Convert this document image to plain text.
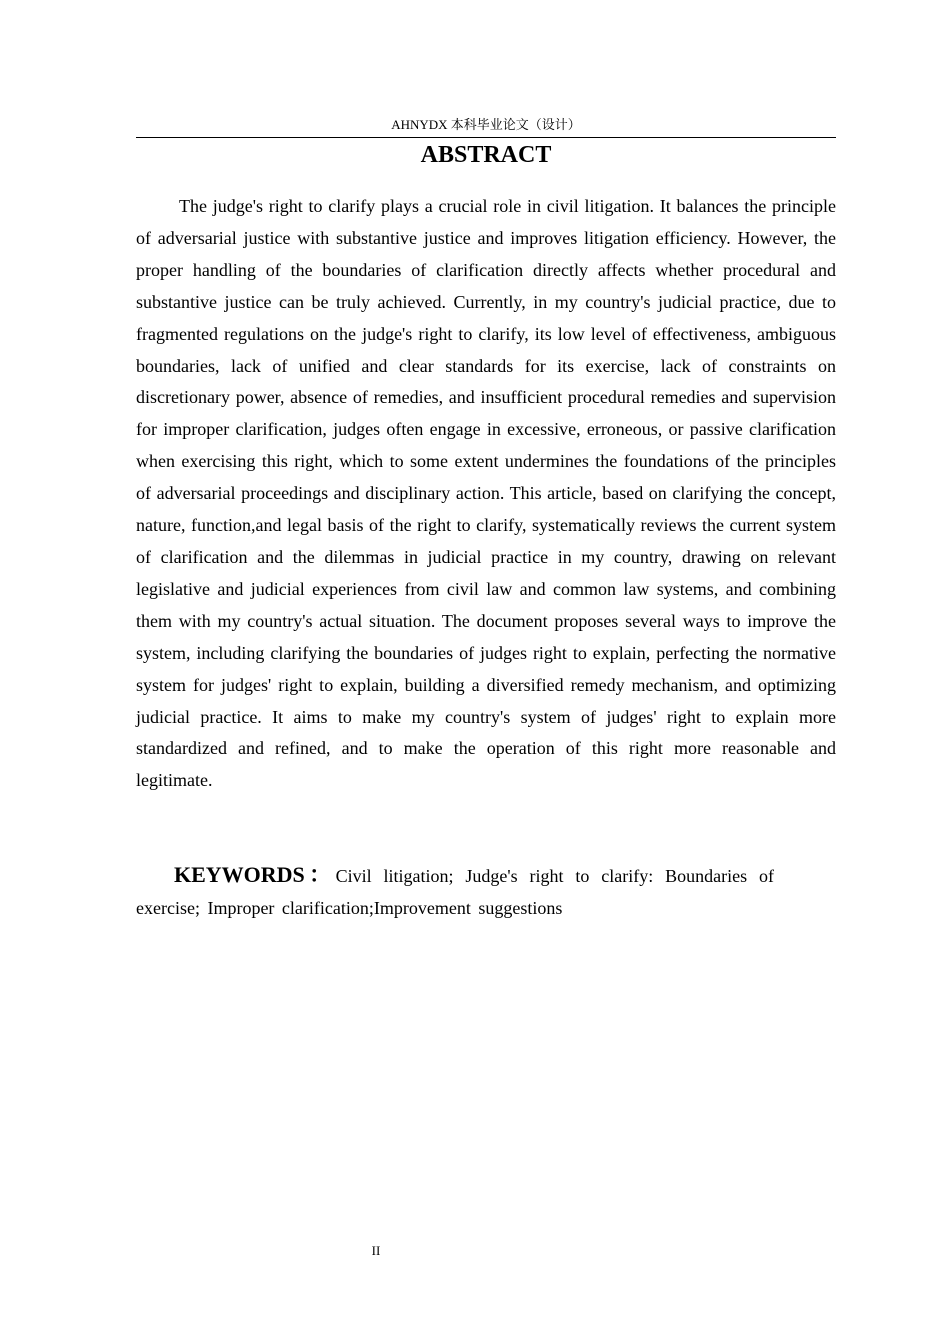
AHNYDX 本科毕业论文（设计）
ABSTRACT

The judge's right to clarify plays a crucial role in civil litigation. It balances the principle of adversarial justice with substantive justice and improves litigation efficiency. However, the proper handling of the boundaries of clarification directly affects whether procedural and substantive justice can be truly achieved. Currently, in my country's judicial practice, due to fragmented regulations on the judge's right to clarify, its low level of effectiveness, ambiguous boundaries, lack of unified and clear standards for its exercise, lack of constraints on discretionary power, absence of remedies, and insufficient procedural remedies and supervision for improper clarification, judges often engage in excessive, erroneous, or passive clarification when exercising this right, which to some extent undermines the foundations of the principles of adversarial proceedings and disciplinary action. This article, based on clarifying the concept, nature, function,and legal basis of the right to clarify, systematically reviews the current system of clarification and the dilemmas in judicial practice in my country, drawing on relevant legislative and judicial experiences from civil law and common law systems, and combining them with my country's actual situation. The document proposes several ways to improve the system, including clarifying the boundaries of judges right to explain, perfecting the normative system for judges' right to explain, building a diversified remedy mechanism, and optimizing judicial practice. It aims to make my country's system of judges' right to explain more standardized and refined, and to make the operation of this right more reasonable and legitimate.

KEYWORDS：Civil litigation; Judge's right to clarify: Boundaries of exercise; Improper clarification;Improvement suggestions

II
